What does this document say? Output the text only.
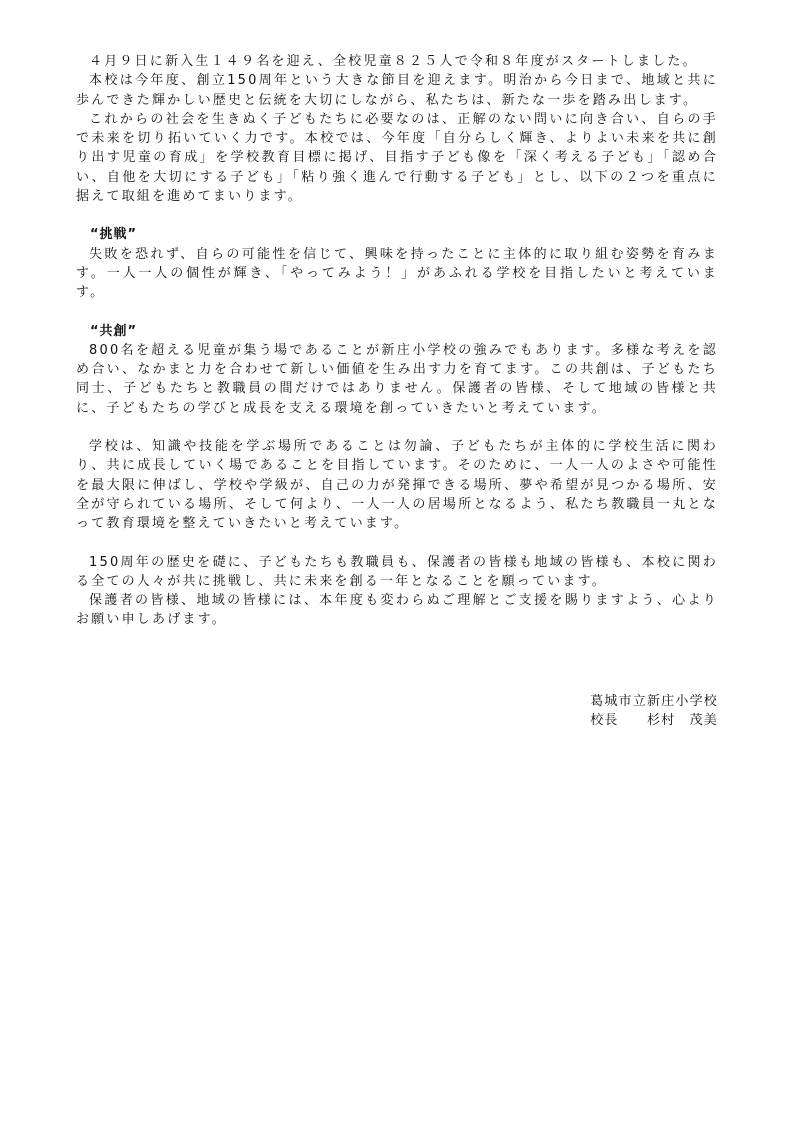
４月９日に新入生１４９名を迎え、全校児童８２５人で令和８年度がスタートしました。

本校は今年度、創立150周年という大きな節目を迎えます。明治から今日まで、地域と共に歩んできた輝かしい歴史と伝統を大切にしながら、私たちは、新たな一歩を踏み出します。

これからの社会を生きぬく子どもたちに必要なのは、正解のない問いに向き合い、自らの手で未来を切り拓いていく力です。本校では、今年度「自分らしく輝き、よりよい未来を共に創り出す児童の育成」を学校教育目標に掲げ、目指す子ども像を「深く考える子ども」「認め合い、自他を大切にする子ども」「粘り強く進んで行動する子ども」とし、以下の２つを重点に据えて取組を進めてまいります。

“挑戦”

失敗を恐れず、自らの可能性を信じて、興味を持ったことに主体的に取り組む姿勢を育みます。一人一人の個性が輝き、「やってみよう！」があふれる学校を目指したいと考えています。

“共創”

800名を超える児童が集う場であることが新庄小学校の強みでもあります。多様な考えを認め合い、なかまと力を合わせて新しい価値を生み出す力を育てます。この共創は、子どもたち同士、子どもたちと教職員の間だけではありません。保護者の皆様、そして地域の皆様と共に、子どもたちの学びと成長を支える環境を創っていきたいと考えています。

学校は、知識や技能を学ぶ場所であることは勿論、子どもたちが主体的に学校生活に関わり、共に成長していく場であることを目指しています。そのために、一人一人のよさや可能性を最大限に伸ばし、学校や学級が、自己の力が発揮できる場所、夢や希望が見つかる場所、安全が守られている場所、そして何より、一人一人の居場所となるよう、私たち教職員一丸となって教育環境を整えていきたいと考えています。

150周年の歴史を礎に、子どもたちも教職員も、保護者の皆様も地域の皆様も、本校に関わる全ての人々が共に挑戦し、共に未来を創る一年となることを願っています。

保護者の皆様、地域の皆様には、本年度も変わらぬご理解とご支援を賜りますよう、心よりお願い申しあげます。

葛城市立新庄小学校
校長　　杉村　茂美
